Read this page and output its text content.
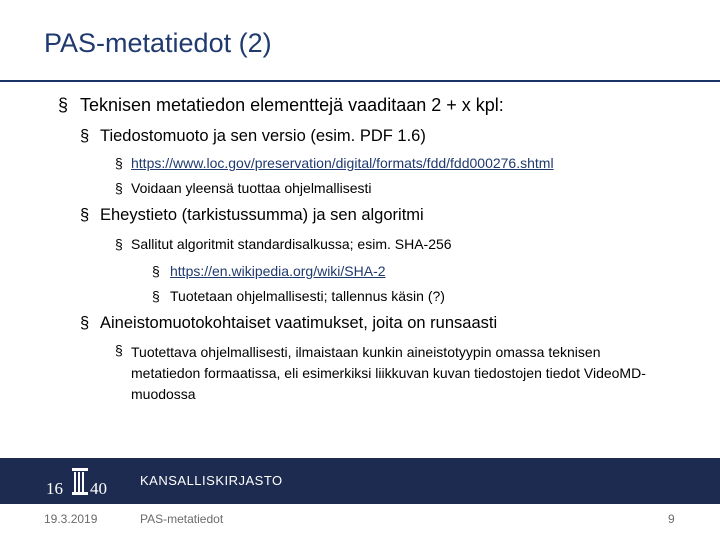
PAS-metatiedot (2)
§ Teknisen metatiedon elementtejä vaaditaan 2 + x kpl:
§ Tiedostomuoto ja sen versio (esim. PDF 1.6)
§ https://www.loc.gov/preservation/digital/formats/fdd/fdd000276.shtml
§ Voidaan yleensä tuottaa ohjelmallisesti
§ Eheystieto (tarkistussumma) ja sen algoritmi
§ Sallitut algoritmit standardisalkussa; esim. SHA-256
§ https://en.wikipedia.org/wiki/SHA-2
§ Tuotetaan ohjelmallisesti; tallennus käsin (?)
§ Aineistomuotokohtaiset vaatimukset, joita on runsaasti
§ Tuotettava ohjelmallisesti, ilmaistaan kunkin aineistotyypin omassa teknisen metatiedon formaatissa, eli esimerkiksi liikkuvan kuvan tiedostojen tiedot VideoMD-muodossa
16 40	KANSALLISKIRJASTO
19.3.2019	PAS-metatiedot	9
